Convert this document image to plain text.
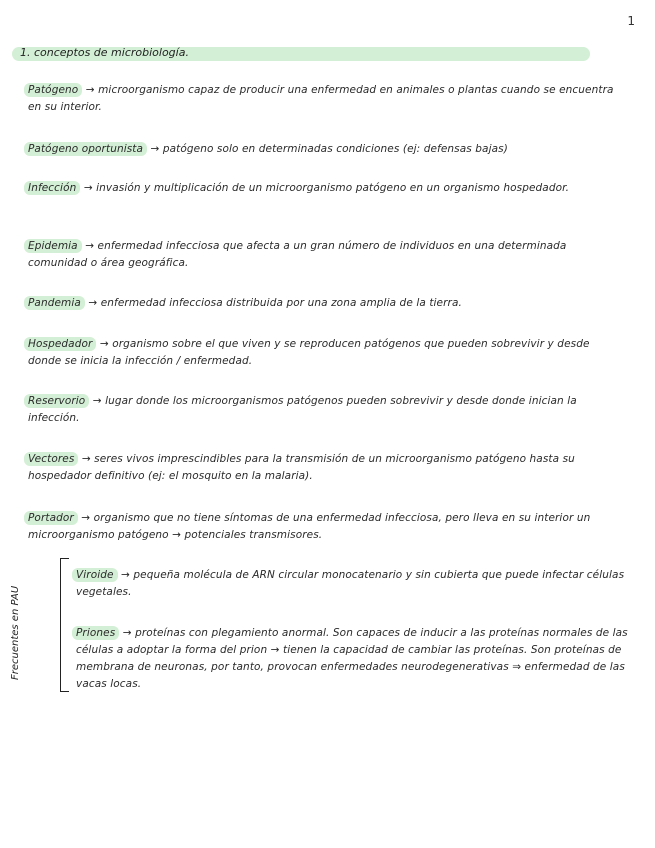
1
1. conceptos de microbiología.
Patógeno → microorganismo capaz de producir una enfermedad en animales o plantas cuando se encuentra en su interior.
Patógeno oportunista → patógeno solo en determinadas condiciones (ej: defensas bajas)
Infección → invasión y multiplicación de un microorganismo patógeno en un organismo hospedador.
Epidemia → enfermedad infecciosa que afecta a un gran número de individuos en una determinada comunidad o área geográfica.
Pandemia → enfermedad infecciosa distribuida por una zona amplia de la tierra.
Hospedador → organismo sobre el que viven y se reproducen patógenos que pueden sobrevivir y desde donde se inicia la infección / enfermedad.
Reservorio → lugar donde los microorganismos patógenos pueden sobrevivir y desde donde inician la infección.
Vectores → seres vivos imprescindibles para la transmisión de un microorganismo patógeno hasta su hospedador definitivo (ej: el mosquito en la malaria).
Portador → organismo que no tiene síntomas de una enfermedad infecciosa, pero lleva en su interior un microorganismo patógeno → potenciales transmisores.
Frecuentes en PAU
Viroide → pequeña molécula de ARN circular monocatenario y sin cubierta que puede infectar células vegetales.
Priones → proteínas con plegamiento anormal. Son capaces de inducir a las proteínas normales de las células a adoptar la forma del prion → tienen la capacidad de cambiar las proteínas. Son proteínas de membrana de neuronas, por tanto, provocan enfermedades neurodegenerativas ⇒ enfermedad de las vacas locas.
